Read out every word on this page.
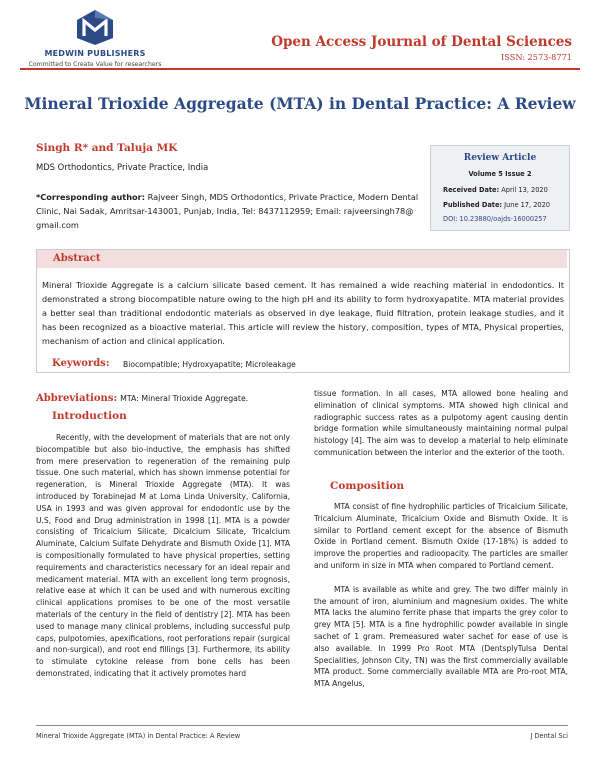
MEDWIN PUBLISHERS
Committed to Create Value for researchers
Open Access Journal of Dental Sciences
ISSN: 2573-8771
Mineral Trioxide Aggregate (MTA) in Dental Practice: A Review
Singh R* and Taluja MK
MDS Orthodontics, Private Practice, India
*Corresponding author: Rajveer Singh, MDS Orthodontics, Private Practice, Modern Dental Clinic, Nai Sadak, Amritsar-143001, Punjab, India, Tel: 8437112959; Email: rajveersingh78@ gmail.com
Review Article
Volume 5 Issue 2
Received Date: April 13, 2020
Published Date: June 17, 2020
DOI: 10.23880/oajds-16000257
Abstract
Mineral Trioxide Aggregate is a calcium silicate based cement. It has remained a wide reaching material in endodontics. It demonstrated a strong biocompatible nature owing to the high pH and its ability to form hydroxyapatite. MTA material provides a better seal than traditional endodontic materials as observed in dye leakage, fluid filtration, protein leakage studies, and it has been recognized as a bioactive material. This article will review the history, composition, types of MTA, Physical properties, mechanism of action and clinical application.
Keywords: Biocompatible; Hydroxyapatite; Microleakage
Abbreviations: MTA: Mineral Trioxide Aggregate.
Introduction

Recently, with the development of materials that are not only biocompatible but also bio-inductive, the emphasis has shifted from mere preservation to regeneration of the remaining pulp tissue. One such material, which has shown immense potential for regeneration, is Mineral Trioxide Aggregate (MTA). It was introduced by Torabinejad M at Loma Linda University, California, USA in 1993 and was given approval for endodontic use by the U.S, Food and Drug administration in 1998 [1]. MTA is a powder consisting of Tricalcium Silicate, Dicalcium Silicate, Tricalcium Aluminate, Calcium Sulfate Dehydrate and Bismuth Oxide [1]. MTA is compositionally formulated to have physical properties, setting requirements and characteristics necessary for an ideal repair and medicament material. MTA with an excellent long term prognosis, relative ease at which it can be used and with numerous exciting clinical applications promises to be one of the most versatile materials of the century in the field of dentistry [2]. MTA has been used to manage many clinical problems, including successful pulp caps, pulpotomies, apexifications, root perforations repair (surgical and non-surgical), and root end fillings [3]. Furthermore, its ability to stimulate cytokine release from bone cells has been demonstrated, indicating that it actively promotes hard

tissue formation. In all cases, MTA allowed bone healing and elimination of clinical symptoms. MTA showed high clinical and radiographic success rates as a pulpotomy agent causing dentin bridge formation while simultaneously maintaining normal pulpal histology [4]. The aim was to develop a material to help eliminate communication between the interior and the exterior of the tooth.

Composition

MTA consist of fine hydrophilic particles of Tricalcium Silicate, Tricalcium Aluminate, Tricalcium Oxide and Bismuth Oxide. It is similar to Portland cement except for the absence of Bismuth Oxide in Portland cement. Bismuth Oxide (17-18%) is added to improve the properties and radioopacity. The particles are smaller and uniform in size in MTA when compared to Portland cement.

MTA is available as white and grey. The two differ mainly in the amount of iron, aluminium and magnesium oxides. The white MTA lacks the alumino ferrite phase that imparts the grey color to grey MTA [5]. MTA is a fine hydrophilic powder available in single sachet of 1 gram. Premeasured water sachet for ease of use is also available. In 1999 Pro Root MTA (DentsplyTulsa Dental Specialities, Johnson City, TN) was the first commercially available MTA product. Some commercially available MTA are Pro-root MTA, MTA Angelus,

Mineral Trioxide Aggregate (MTA) in Dental Practice: A Review	J Dental Sci
